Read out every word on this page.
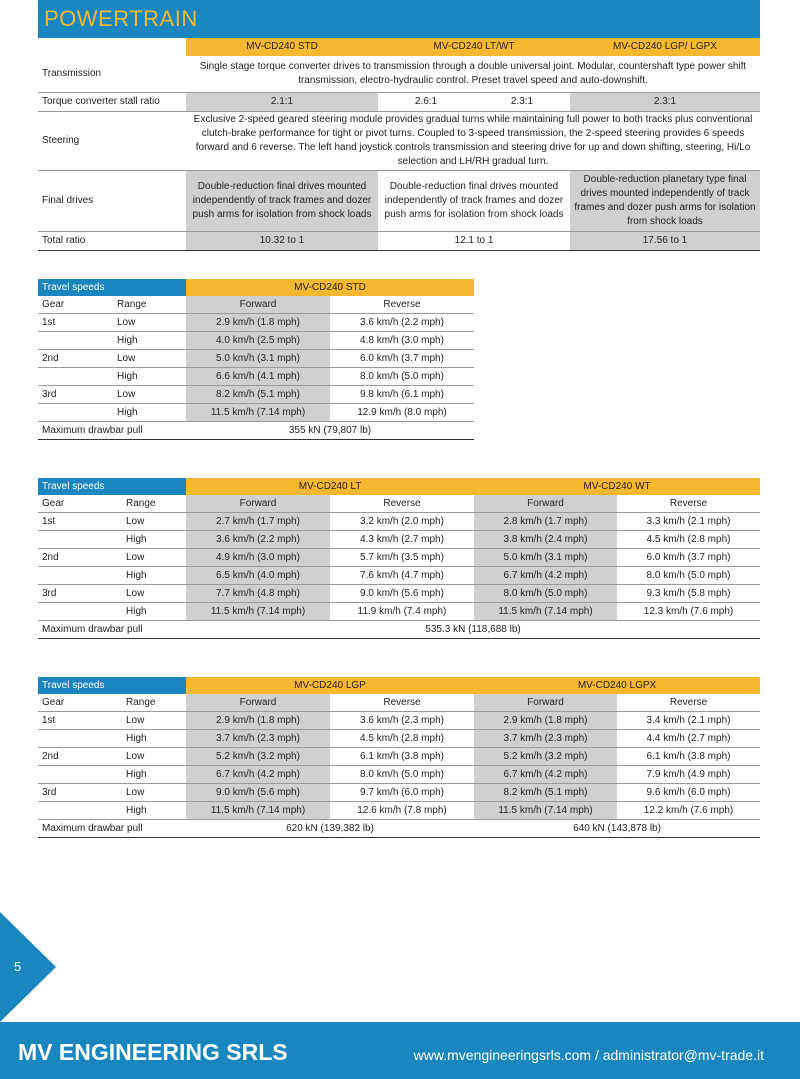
POWERTRAIN
	MV-CD240 STD	MV-CD240 LT/WT		MV-CD240 LGP/ LGPX
Transmission	Single stage torque converter drives to transmission through a double universal joint. Modular, countershaft type power shift transmission, electro-hydraulic control. Preset travel speed and auto-downshift.			
Torque converter stall ratio	2.1:1	2.6:1	2.3:1	2.3:1
Steering	Exclusive 2-speed geared steering module provides gradual turns while maintaining full power to both tracks plus conventional clutch-brake performance for tight or pivot turns. Coupled to 3-speed transmission, the 2-speed steering provides 6 speeds forward and 6 reverse. The left hand joystick controls transmission and steering drive for up and down shifting, steering, Hi/Lo selection and LH/RH gradual turn.			
Final drives	Double-reduction final drives mounted independently of track frames and dozer push arms for isolation from shock loads	Double-reduction final drives mounted independently of track frames and dozer push arms for isolation from shock loads		Double-reduction planetary type final drives mounted independently of track frames and dozer push arms for isolation from shock loads
Total ratio	10.32 to 1	12.1 to 1		17.56 to 1
Travel speeds		MV-CD240 STD	
Gear	Range	Forward	Reverse
1st	Low	2.9 km/h (1.8 mph)	3.6 km/h (2.2 mph)
	High	4.0 km/h (2.5 mph)	4.8 km/h (3.0 mph)
2nd	Low	5.0 km/h (3.1 mph)	6.0 km/h (3.7 mph)
	High	6.6 km/h (4.1 mph)	8.0 km/h (5.0 mph)
3rd	Low	8.2 km/h (5.1 mph)	9.8 km/h (6.1 mph)
	High	11.5 km/h (7.14 mph)	12.9 km/h (8.0 mph)
Maximum drawbar pull		355 kN (79,807 lb)	
Travel speeds		MV-CD240 LT		MV-CD240 WT	
Gear	Range	Forward	Reverse	Forward	Reverse
1st	Low	2.7 km/h (1.7 mph)	3.2 km/h (2.0 mph)	2.8 km/h (1.7 mph)	3.3 km/h (2.1 mph)
	High	3.6 km/h (2.2 mph)	4.3 km/h (2.7 mph)	3.8 km/h (2.4 mph)	4.5 km/h (2.8 mph)
2nd	Low	4.9 km/h (3.0 mph)	5.7 km/h (3.5 mph)	5.0 km/h (3.1 mph)	6.0 km/h (3.7 mph)
	High	6.5 km/h (4.0 mph)	7.6 km/h (4.7 mph)	6.7 km/h (4.2 mph)	8.0 km/h (5.0 mph)
3rd	Low	7.7 km/h (4.8 mph)	9.0 km/h (5.6 mph)	8.0 km/h (5.0 mph)	9.3 km/h (5.8 mph)
	High	11.5 km/h (7.14 mph)	11.9 km/h (7.4 mph)	11.5 km/h (7.14 mph)	12.3 km/h (7.6 mph)
Maximum drawbar pull		535.3 kN (118,688 lb)			
Travel speeds		MV-CD240 LGP		MV-CD240 LGPX	
Gear	Range	Forward	Reverse	Forward	Reverse
1st	Low	2.9 km/h (1.8 mph)	3.6 km/h (2.3 mph)	2.9 km/h (1.8 mph)	3.4 km/h (2.1 mph)
	High	3.7 km/h (2.3 mph)	4.5 km/h (2.8 mph)	3.7 km/h (2.3 mph)	4.4 km/h (2.7 mph)
2nd	Low	5.2 km/h (3.2 mph)	6.1 km/h (3.8 mph)	5.2 km/h (3.2 mph)	6.1 km/h (3.8 mph)
	High	6.7 km/h (4.2 mph)	8.0 km/h (5.0 mph)	6.7 km/h (4.2 mph)	7.9 km/h (4.9 mph)
3rd	Low	9.0 km/h (5.6 mph)	9.7 km/h (6.0 mph)	8.2 km/h (5.1 mph)	9.6 km/h (6.0 mph)
	High	11.5 km/h (7.14 mph)	12.6 km/h (7.8 mph)	11.5 km/h (7.14 mph)	12.2 km/h (7.6 mph)
Maximum drawbar pull		620 kN (139,382 lb)		640 kN (143,878 lb)	
5
MV ENGINEERING SRLS	www.mvengineeringsrls.com / administrator@mv-trade.it
